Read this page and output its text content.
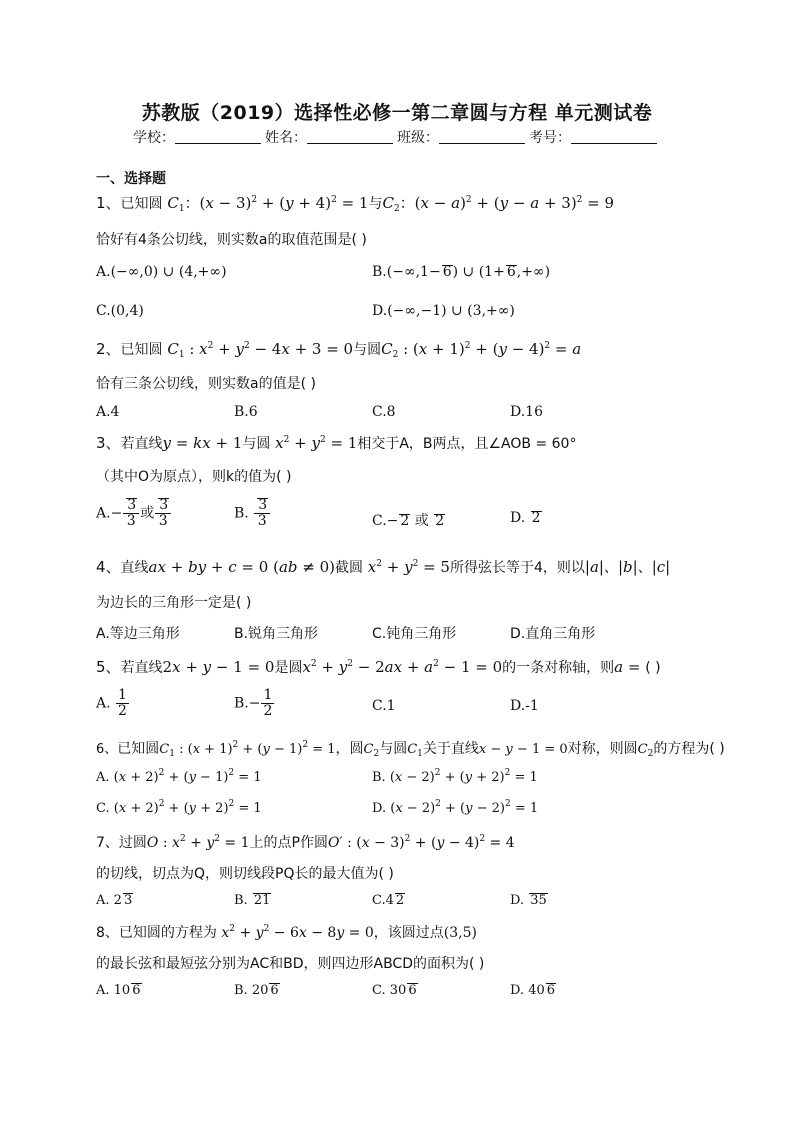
苏教版（2019）选择性必修一第二章圆与方程 单元测试卷
学校：	姓名：	班级：	考号：
一、选择题
1、已知圆 $C_1$：$(x - 3)^2 + (y + 4)^2 = 1$与$C_2$：$(x - a)^2 + (y - a + 3)^2 = 9$
恰好有4条公切线，则实数a的取值范围是( )
A.(−∞,0) ∪ (4,+∞)	B.(−∞,1− 6) ∪ (1+ 6,+∞)
C.(0,4)	D.(−∞,−1) ∪ (3,+∞)
2、已知圆 $C_1$ : $x^2 + y^2 - 4x + 3 = 0$与圆$C_2$ : $(x + 1)^2 + (y - 4)^2 = a$
恰有三条公切线，则实数a的值是( )
A.4	B.6	C.8	D.16
3、若直线y = kx + 1与圆 $x^2 + y^2 = 1$相交于A，B两点，且∠AOB = 60°
（其中O为原点），则k的值为( )
$A.- \frac{3}{3}$ 或 $\frac{3}{3}$	B. $\frac{3}{3}$	C.− 2 或 2	D. 2
4、直线ax + by + c = 0 (ab ≠ 0)截圆 $x^2 + y^2 = 5$所得弦长等于4，则以|a|、|b|、|c|
为边长的三角形一定是( )
A.等边三角形	B.锐角三角形	C.钝角三角形	D.直角三角形
5、若直线2x + y − 1 = 0是圆$x^2 + y^2 - 2ax + a^2 - 1 = 0$的一条对称轴，则a = ( )
A. $\frac{1}{2}$	$B.- \frac{1}{2}$	C.1	D.-1
6、已知圆$C_1$ : $(x + 1)^2 + (y - 1)^2 = 1$，圆$C_2$与圆$C_1$关于直线x − y − 1 = 0对称，则圆$C_2$的方程为( )
A. $(x + 2)^2 + (y - 1)^2 = 1$	B. $(x - 2)^2 + (y + 2)^2 = 1$
C. $(x + 2)^2 + (y + 2)^2 = 1$	D. $(x - 2)^2 + (y - 2)^2 = 1$
7、过圆O : $x^2 + y^2 = 1$上的点P作圆O′ : $(x - 3)^2 + (y - 4)^2 = 4$
的切线，切点为Q，则切线段PQ长的最大值为( )
A. 2 3	B. 21	C.4 2	D. 35
8、已知圆的方程为 $x^2 + y^2 - 6x - 8y = 0$，该圆过点(3,5)
的最长弦和最短弦分别为AC和BD，则四边形ABCD的面积为( )
A. 10 6	B. 20 6	C. 30 6	D. 40 6
